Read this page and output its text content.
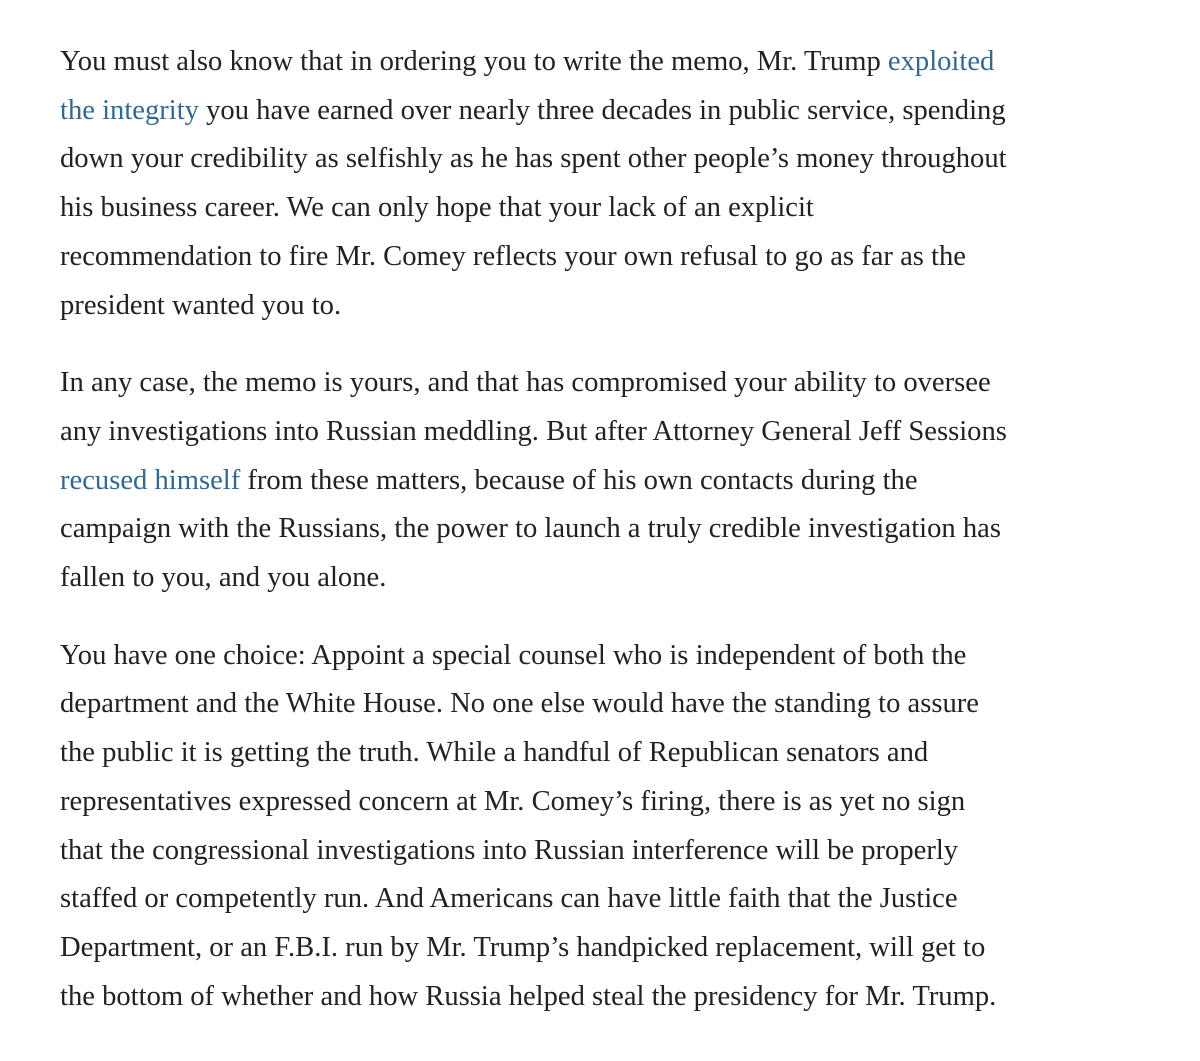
You must also know that in ordering you to write the memo, Mr. Trump exploited
the integrity you have earned over nearly three decades in public service, spending
down your credibility as selfishly as he has spent other people’s money throughout
his business career. We can only hope that your lack of an explicit
recommendation to fire Mr. Comey reflects your own refusal to go as far as the
president wanted you to.

In any case, the memo is yours, and that has compromised your ability to oversee
any investigations into Russian meddling. But after Attorney General Jeff Sessions
recused himself from these matters, because of his own contacts during the
campaign with the Russians, the power to launch a truly credible investigation has
fallen to you, and you alone.

You have one choice: Appoint a special counsel who is independent of both the
department and the White House. No one else would have the standing to assure
the public it is getting the truth. While a handful of Republican senators and
representatives expressed concern at Mr. Comey’s firing, there is as yet no sign
that the congressional investigations into Russian interference will be properly
staffed or competently run. And Americans can have little faith that the Justice
Department, or an F.B.I. run by Mr. Trump’s handpicked replacement, will get to
the bottom of whether and how Russia helped steal the presidency for Mr. Trump.
